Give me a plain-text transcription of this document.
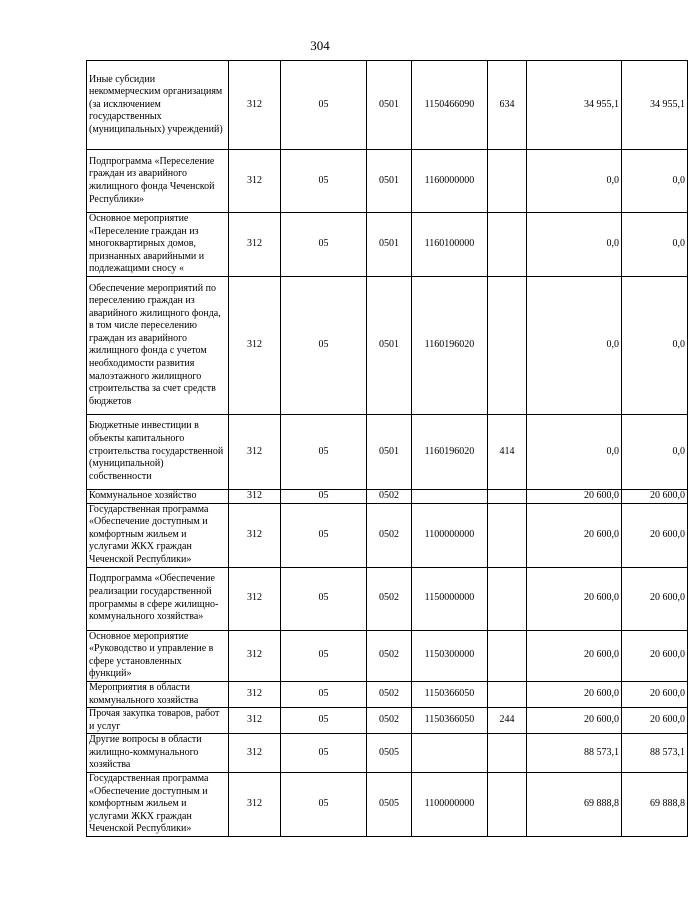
304
Иные субсидии некоммерческим организациям (за исключением государственных (муниципальных) учреждений)	312	05	0501	1150466090	634	34 955,1	34 955,1
Подпрограмма «Переселение граждан из аварийного жилищного фонда Чеченской Республики»	312	05	0501	1160000000		0,0	0,0
Основное мероприятие «Переселение граждан из многоквартирных домов, признанных аварийными и подлежащими сносу «	312	05	0501	1160100000		0,0	0,0
Обеспечение мероприятий по переселению граждан из аварийного жилищного фонда, в том числе переселению граждан из аварийного жилищного фонда с учетом необходимости развития малоэтажного жилищного строительства за счет средств бюджетов	312	05	0501	1160196020		0,0	0,0
Бюджетные инвестиции в объекты капитального строительства государственной (муниципальной) собственности	312	05	0501	1160196020	414	0,0	0,0
Коммунальное хозяйство	312	05	0502			20 600,0	20 600,0
Государственная программа «Обеспечение доступным и комфортным жильем и услугами ЖКХ граждан Чеченской Республики»	312	05	0502	1100000000		20 600,0	20 600,0
Подпрограмма «Обеспечение реализации государственной программы в сфере жилищно-коммунального хозяйства»	312	05	0502	1150000000		20 600,0	20 600,0
Основное мероприятие «Руководство и управление в сфере установленных функций»	312	05	0502	1150300000		20 600,0	20 600,0
Мероприятия в области коммунального хозяйства	312	05	0502	1150366050		20 600,0	20 600,0
Прочая закупка товаров, работ и услуг	312	05	0502	1150366050	244	20 600,0	20 600,0
Другие вопросы в области жилищно-коммунального хозяйства	312	05	0505			88 573,1	88 573,1
Государственная программа «Обеспечение доступным и комфортным жильем и услугами ЖКХ граждан Чеченской Республики»	312	05	0505	1100000000		69 888,8	69 888,8
